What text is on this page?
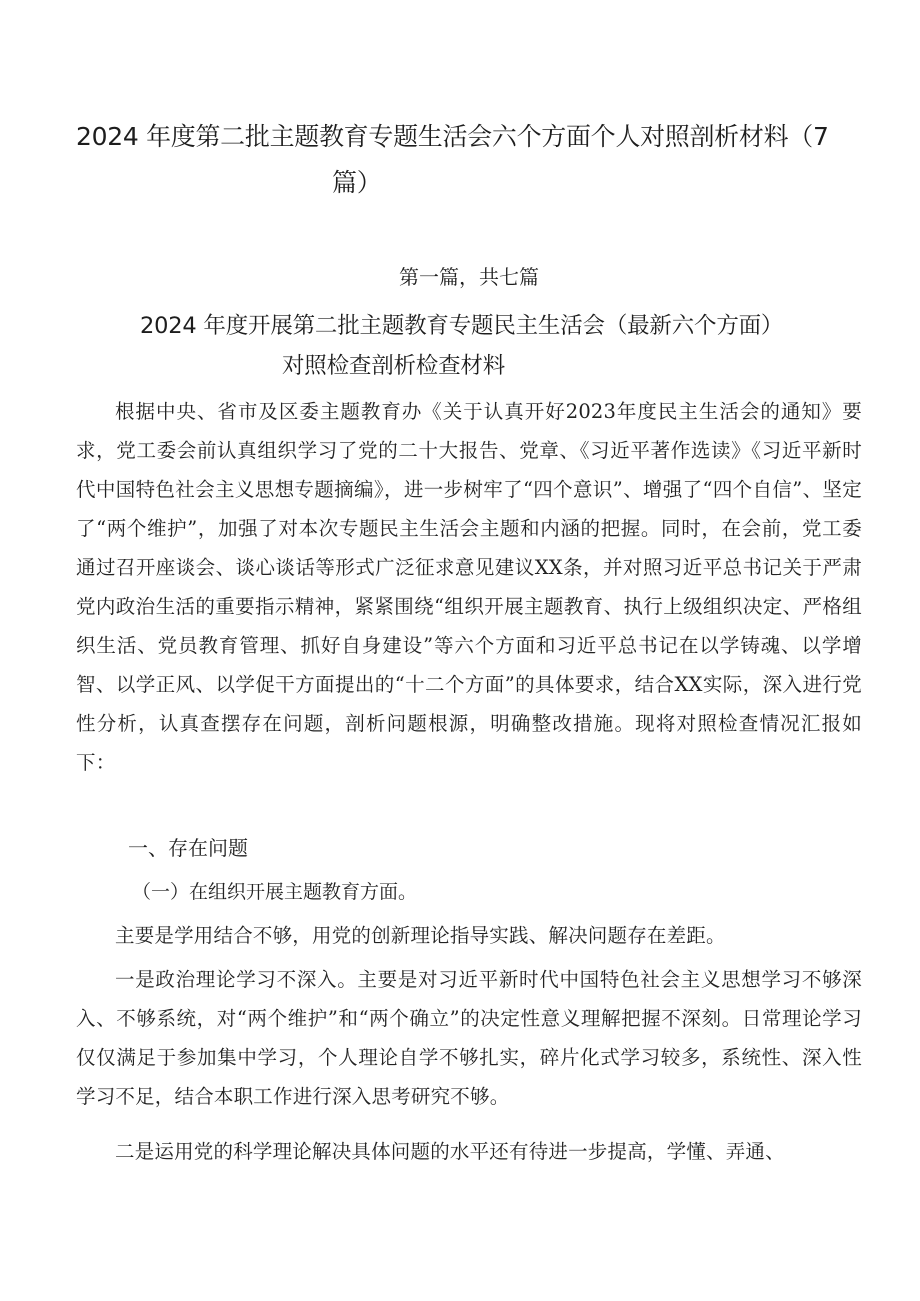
2024 年度第二批主题教育专题生活会六个方面个人对照剖析材料（7
篇）
第一篇，共七篇
2024 年度开展第二批主题教育专题民主生活会（最新六个方面）
对照检查剖析检查材料

根据中央、省市及区委主题教育办《关于认真开好2023年度民主生活会的通知》要求，党工委会前认真组织学习了党的二十大报告、党章、《习近平著作选读》《习近平新时代中国特色社会主义思想专题摘编》，进一步树牢了“四个意识”、增强了“四个自信”、坚定了“两个维护”，加强了对本次专题民主生活会主题和内涵的把握。同时，在会前，党工委通过召开座谈会、谈心谈话等形式广泛征求意见建议XX条，并对照习近平总书记关于严肃党内政治生活的重要指示精神，紧紧围绕“组织开展主题教育、执行上级组织决定、严格组织生活、党员教育管理、抓好自身建设”等六个方面和习近平总书记在以学铸魂、以学增智、以学正风、以学促干方面提出的“十二个方面”的具体要求，结合XX实际，深入进行党性分析，认真查摆存在问题，剖析问题根源，明确整改措施。现将对照检查情况汇报如下：

一、存在问题
（一）在组织开展主题教育方面。

主要是学用结合不够，用党的创新理论指导实践、解决问题存在差距。

一是政治理论学习不深入。主要是对习近平新时代中国特色社会主义思想学习不够深入、不够系统，对“两个维护”和“两个确立”的决定性意义理解把握不深刻。日常理论学习仅仅满足于参加集中学习，个人理论自学不够扎实，碎片化式学习较多，系统性、深入性学习不足，结合本职工作进行深入思考研究不够。

二是运用党的科学理论解决具体问题的水平还有待进一步提高，学懂、弄通、
